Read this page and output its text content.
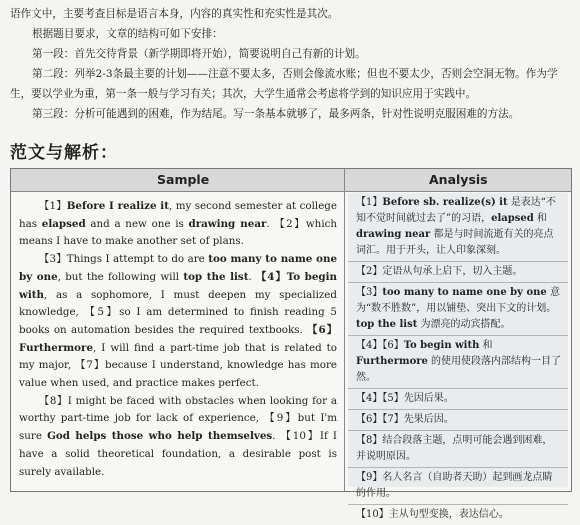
语作文中，主要考查目标是语言本身，内容的真实性和充实性是其次。

根据题目要求，文章的结构可如下安排：

第一段：首先交待背景（新学期即将开始），简要说明自己有新的计划。

第二段：列举2-3条最主要的计划——注意不要太多，否则会像流水账；但也不要太少，否则会空洞无物。作为学生，要以学业为重，第一条一般与学习有关；其次，大学生通常会考虑将学到的知识应用于实践中。

第三段：分析可能遇到的困难，作为结尾。写一条基本就够了，最多两条，针对性说明克服困难的方法。

范文与解析：
Sample	Analysis

【1】Before I realize it, my second semester at college has elapsed and a new one is drawing near. 【2】which means I have to make another set of plans.

【3】Things I attempt to do are too many to name one by one, but the following will top the list. 【4】To begin with, as a sophomore, I must deepen my specialized knowledge, 【5】so I am determined to finish reading 5 books on automation besides the required textbooks. 【6】Furthermore, I will find a part-time job that is related to my major, 【7】because I understand, knowledge has more value when used, and practice makes perfect.

【8】I might be faced with obstacles when looking for a worthy part-time job for lack of experience, 【9】but I'm sure God helps those who help themselves. 【10】If I have a solid theoretical foundation, a desirable post is surely available.

【1】Before sb. realize(s) it 是表达“不知不觉时间就过去了”的习语，elapsed 和 drawing near 都是与时间流逝有关的亮点词汇。用于开头，让人印象深刻。
【2】定语从句承上启下，切入主题。
【3】too many to name one by one 意为“数不胜数”，用以铺垫、突出下文的计划。top the list 为漂亮的动宾搭配。
【4】【6】To begin with 和 Furthermore 的使用使段落内部结构一目了然。
【4】【5】先因后果。
【6】【7】先果后因。
【8】结合段落主题，点明可能会遇到困难，并说明原因。
【9】名人名言（自助者天助）起到画龙点睛的作用。
【10】主从句型变换，表达信心。
